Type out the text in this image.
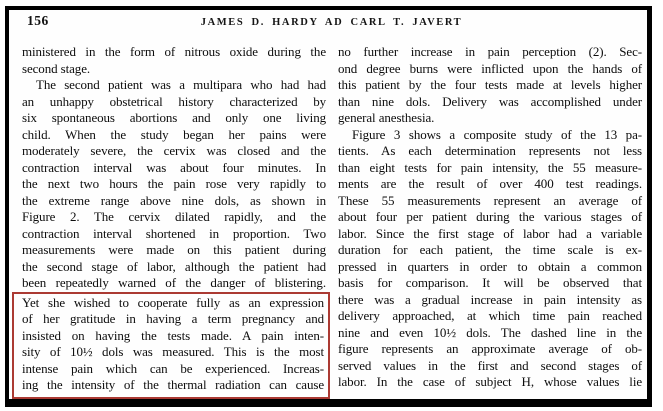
156	JAMES D. HARDY AD CARL T. JAVERT
ministered in the form of nitrous oxide during the
second stage.
The second patient was a multipara who had had
an unhappy obstetrical history characterized by
six spontaneous abortions and only one living
child. When the study began her pains were
moderately severe, the cervix was closed and the
contraction interval was about four minutes. In
the next two hours the pain rose very rapidly to
the extreme range above nine dols, as shown in
Figure 2. The cervix dilated rapidly, and the
contraction interval shortened in proportion. Two
measurements were made on this patient during
the second stage of labor, although the patient had
been repeatedly warned of the danger of blistering.
Yet she wished to cooperate fully as an expression
of her gratitude in having a term pregnancy and
insisted on having the tests made. A pain inten-
sity of 10½ dols was measured. This is the most
intense pain which can be experienced. Increas-
ing the intensity of the thermal radiation can cause
no further increase in pain perception (2). Sec-
ond degree burns were inflicted upon the hands of
this patient by the four tests made at levels higher
than nine dols. Delivery was accomplished under
general anesthesia.
Figure 3 shows a composite study of the 13 pa-
tients. As each determination represents not less
than eight tests for pain intensity, the 55 measure-
ments are the result of over 400 test readings.
These 55 measurements represent an average of
about four per patient during the various stages of
labor. Since the first stage of labor had a variable
duration for each patient, the time scale is ex-
pressed in quarters in order to obtain a common
basis for comparison. It will be observed that
there was a gradual increase in pain intensity as
delivery approached, at which time pain reached
nine and even 10½ dols. The dashed line in the
figure represents an approximate average of ob-
served values in the first and second stages of
labor. In the case of subject H, whose values lie
